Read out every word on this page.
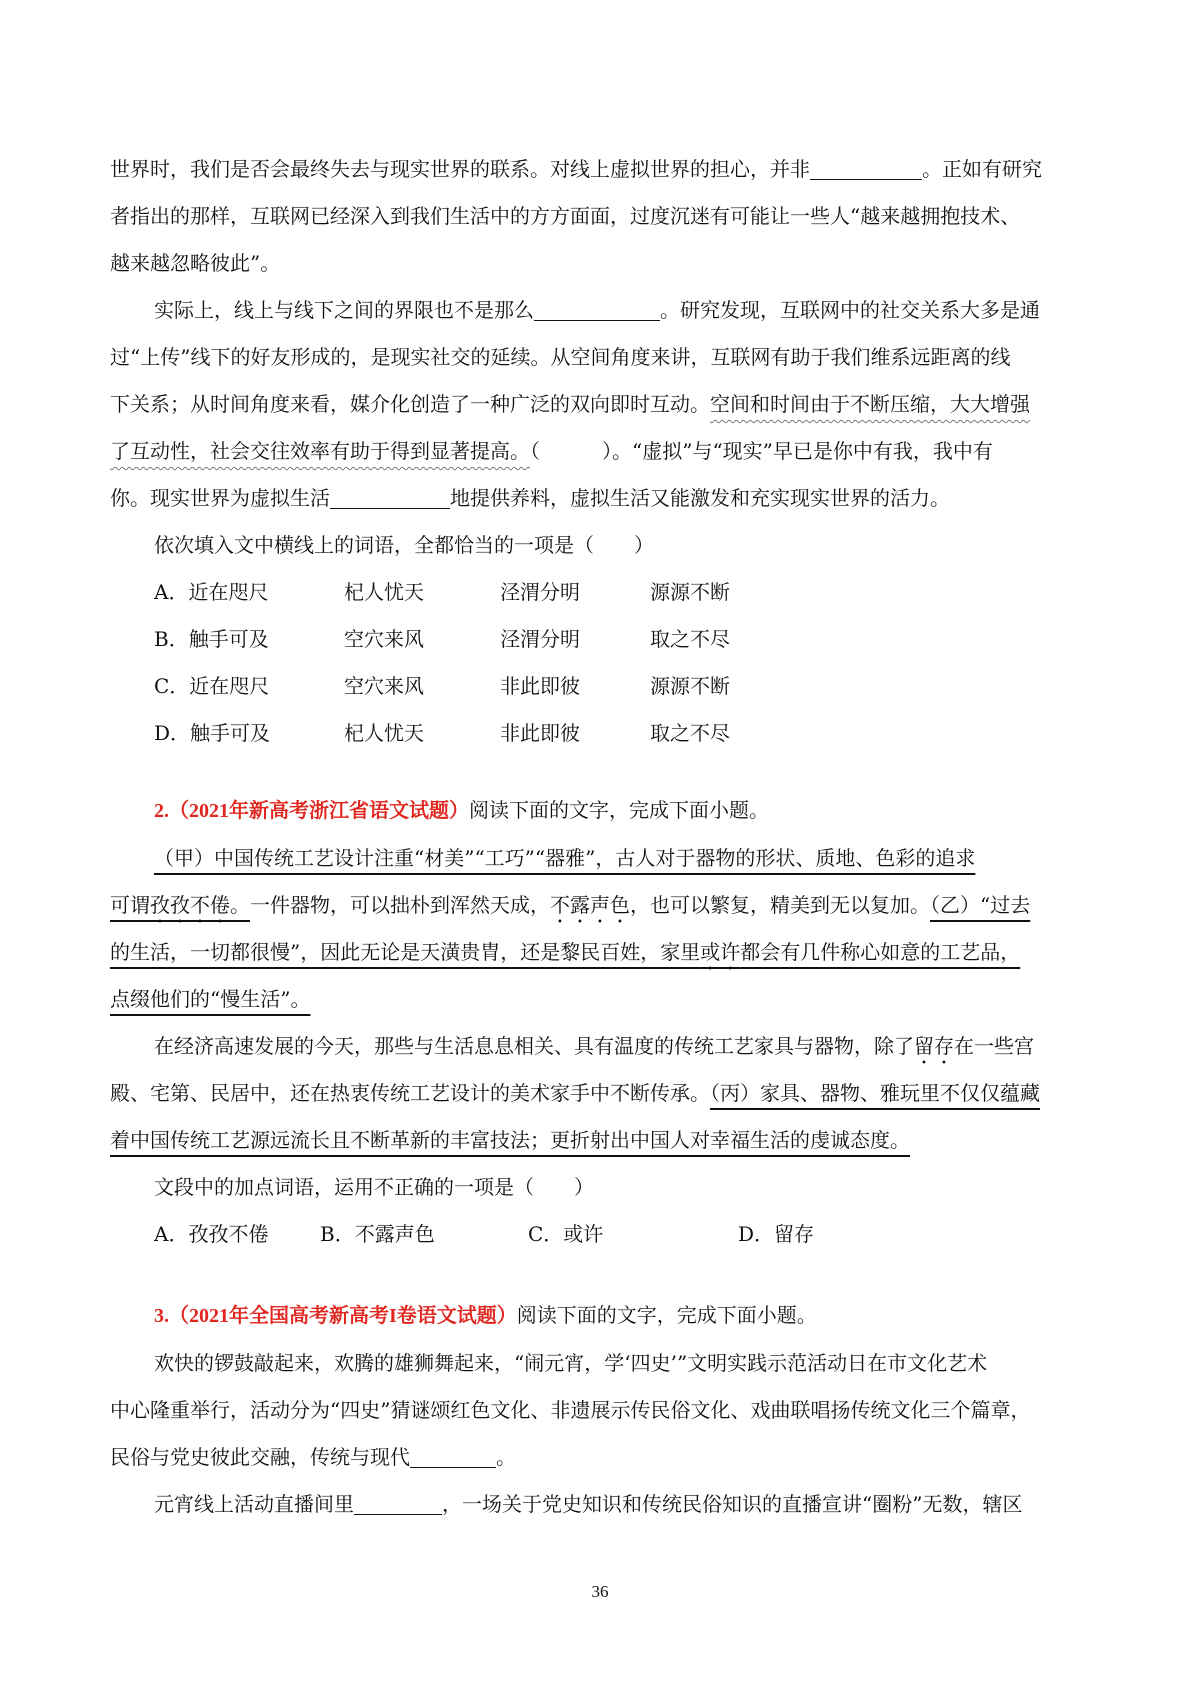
世界时，我们是否会最终失去与现实世界的联系。对线上虚拟世界的担心，并非	。正如有研究

者指出的那样，互联网已经深入到我们生活中的方方面面，过度沉迷有可能让一些人“越来越拥抱技术、

越来越忽略彼此”。

实际上，线上与线下之间的界限也不是那么	。研究发现，互联网中的社交关系大多是通

过“上传”线下的好友形成的，是现实社交的延续。从空间角度来讲，互联网有助于我们维系远距离的线

下关系；从时间角度来看，媒介化创造了一种广泛的双向即时互动。空间和时间由于不断压缩，大大增强

了互动性，社会交往效率有助于得到显著提高。（	）。“虚拟”与“现实”早已是你中有我，我中有

你。现实世界为虚拟生活	地提供养料，虚拟生活又能激发和充实现实世界的活力。

依次填入文中横线上的词语，全都恰当的一项是（　　）

A．近在咫尺	杞人忧天	泾渭分明	源源不断
B．触手可及	空穴来风	泾渭分明	取之不尽
C．近在咫尺	空穴来风	非此即彼	源源不断
D．触手可及	杞人忧天	非此即彼	取之不尽

2.（2021年新高考浙江省语文试题）阅读下面的文字，完成下面小题。

（甲）中国传统工艺设计注重“材美”“工巧”“器雅”，古人对于器物的形状、质地、色彩的追求

可谓孜孜不倦。一件器物，可以拙朴到浑然天成，不露声色，也可以繁复，精美到无以复加。（乙）“过去

的生活，一切都很慢”，因此无论是天潢贵胄，还是黎民百姓，家里或许都会有几件称心如意的工艺品，

点缀他们的“慢生活”。

在经济高速发展的今天，那些与生活息息相关、具有温度的传统工艺家具与器物，除了留存在一些宫

殿、宅第、民居中，还在热衷传统工艺设计的美术家手中不断传承。（丙）家具、器物、雅玩里不仅仅蕴藏

着中国传统工艺源远流长且不断革新的丰富技法；更折射出中国人对幸福生活的虔诚态度。

文段中的加点词语，运用不正确的一项是（　　）

A．孜孜不倦	B．不露声色	C．或许	D．留存

3.（2021年全国高考新高考I卷语文试题）阅读下面的文字，完成下面小题。

欢快的锣鼓敲起来，欢腾的雄狮舞起来，“闹元宵，学‘四史’”文明实践示范活动日在市文化艺术

中心隆重举行，活动分为“四史”猜谜颂红色文化、非遗展示传民俗文化、戏曲联唱扬传统文化三个篇章，

民俗与党史彼此交融，传统与现代	。

元宵线上活动直播间里	，一场关于党史知识和传统民俗知识的直播宣讲“圈粉”无数，辖区

36
